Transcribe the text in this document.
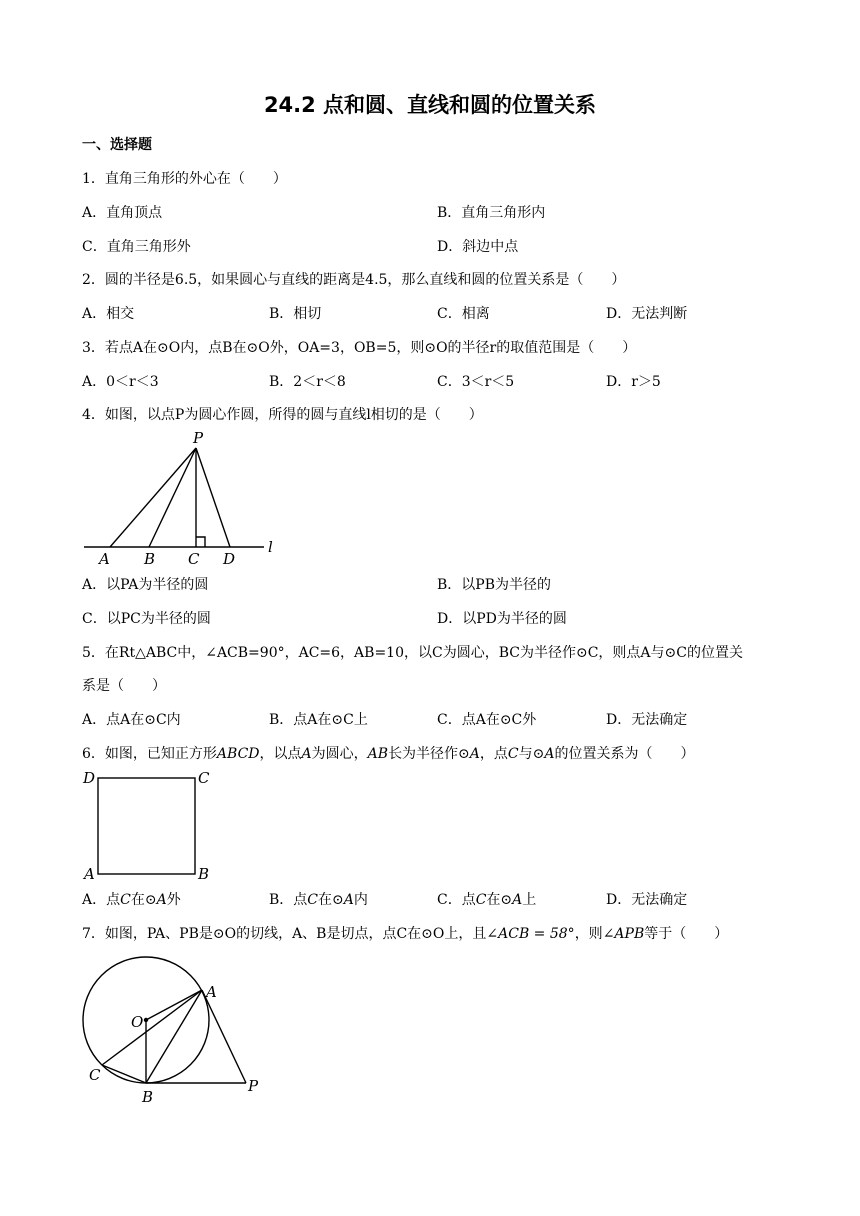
24.2 点和圆、直线和圆的位置关系
一、选择题
1．直角三角形的外心在（　　）
A．直角顶点	B．直角三角形内
C．直角三角形外	D．斜边中点
2．圆的半径是6.5，如果圆心与直线的距离是4.5，那么直线和圆的位置关系是（　　）
A．相交	B．相切	C．相离	D．无法判断
3．若点A在⊙O内，点B在⊙O外，OA=3，OB=5，则⊙O的半径r的取值范围是（　　）
A．0＜r＜3	B．2＜r＜8	C．3＜r＜5	D．r＞5
4．如图，以点P为圆心作圆，所得的圆与直线l相切的是（　　）
P
A B C D
l
A．以PA为半径的圆	B．以PB为半径的
C．以PC为半径的圆	D．以PD为半径的圆
5．在Rt△ABC中，∠ACB=90°，AC=6，AB=10，以C为圆心，BC为半径作⊙C，则点A与⊙C的位置关
系是（　　）
A．点A在⊙C内	B．点A在⊙C上	C．点A在⊙C外	D．无法确定
6．如图，已知正方形ABCD，以点A为圆心，AB长为半径作⊙A，点C与⊙A的位置关系为（　　）
D	C
A	B
A．点C在⊙A外	B．点C在⊙A内	C．点C在⊙A上	D．无法确定
7．如图，PA、PB是⊙O的切线，A、B是切点，点C在⊙O上，且∠ACB = 58°，则∠APB等于（　　）
A
O
C
B
P
